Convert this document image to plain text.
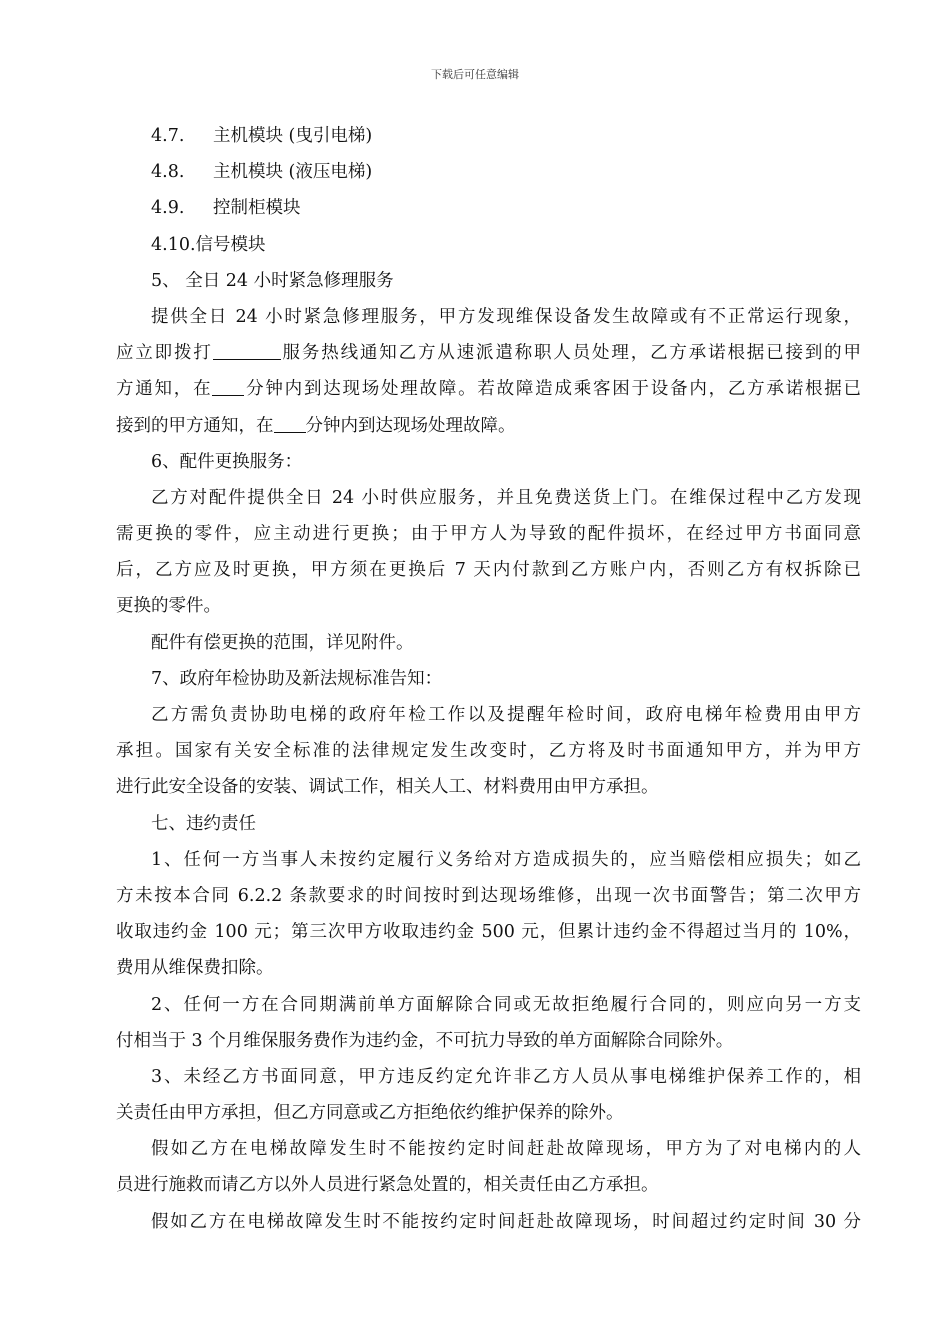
下载后可任意编辑
4.7. 主机模块 (曳引电梯)
4.8. 主机模块 (液压电梯)
4.9. 控制柜模块
4.10.信号模块
5、 全日 24 小时紧急修理服务
提供全日 24 小时紧急修理服务，甲方发现维保设备发生故障或有不正常运行现象，
应立即拨打	服务热线通知乙方从速派遣称职人员处理，乙方承诺根据已接到的甲
方通知，在 分钟内到达现场处理故障。若故障造成乘客困于设备内，乙方承诺根据已
接到的甲方通知，在 分钟内到达现场处理故障。
6、配件更换服务：
乙方对配件提供全日 24 小时供应服务，并且免费送货上门。在维保过程中乙方发现
需更换的零件，应主动进行更换；由于甲方人为导致的配件损坏，在经过甲方书面同意
后，乙方应及时更换，甲方须在更换后 7 天内付款到乙方账户内，否则乙方有权拆除已
更换的零件。
配件有偿更换的范围，详见附件。
7、政府年检协助及新法规标准告知：
乙方需负责协助电梯的政府年检工作以及提醒年检时间，政府电梯年检费用由甲方
承担。国家有关安全标准的法律规定发生改变时，乙方将及时书面通知甲方，并为甲方
进行此安全设备的安装、调试工作，相关人工、材料费用由甲方承担。
七、违约责任
1、任何一方当事人未按约定履行义务给对方造成损失的，应当赔偿相应损失；如乙
方未按本合同 6.2.2 条款要求的时间按时到达现场维修，出现一次书面警告；第二次甲方
收取违约金 100 元；第三次甲方收取违约金 500 元，但累计违约金不得超过当月的 10%，
费用从维保费扣除。
2、任何一方在合同期满前单方面解除合同或无故拒绝履行合同的，则应向另一方支
付相当于 3 个月维保服务费作为违约金，不可抗力导致的单方面解除合同除外。
3、未经乙方书面同意，甲方违反约定允许非乙方人员从事电梯维护保养工作的，相
关责任由甲方承担，但乙方同意或乙方拒绝依约维护保养的除外。
假如乙方在电梯故障发生时不能按约定时间赶赴故障现场，甲方为了对电梯内的人
员进行施救而请乙方以外人员进行紧急处置的，相关责任由乙方承担。
假如乙方在电梯故障发生时不能按约定时间赶赴故障现场，时间超过约定时间 30 分
